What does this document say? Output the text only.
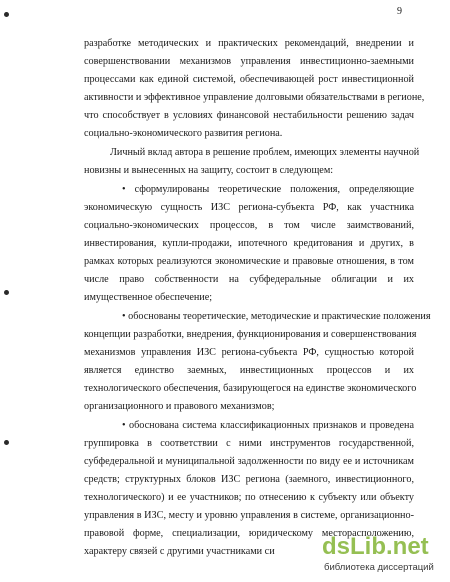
9
разработке методических и практических рекомендаций, внедрении и
совершенствовании механизмов управления инвестиционно-заемными
процессами как единой системой, обеспечивающей рост инвестиционной
активности и эффективное управление долговыми обязательствами в регионе,
что способствует в условиях финансовой нестабильности решению задач
социально-экономического развития региона.
Личный вклад автора в решение проблем, имеющих элементы научной
новизны и вынесенных на защиту, состоит в следующем:
• сформулированы теоретические положения, определяющие
экономическую сущность ИЗС региона-субъекта РФ, как участника
социально-экономических процессов, в том числе заимствований,
инвестирования, купли-продажи, ипотечного кредитования и других, в
рамках которых реализуются экономические и правовые отношения, в том
числе право собственности на субфедеральные облигации и их
имущественное обеспечение;
• обоснованы теоретические, методические и практические положения
концепции разработки, внедрения, функционирования и совершенствования
механизмов управления ИЗС региона-субъекта РФ, сущностью которой
является единство заемных, инвестиционных процессов и их
технологического обеспечения, базирующегося на единстве экономического
организационного и правового механизмов;
• обоснована система классификационных признаков и проведена
группировка в соответствии с ними инструментов государственной,
субфедеральной и муниципальной задолженности по виду ее и источникам
средств; структурных блоков ИЗС региона (заемного, инвестиционного,
технологического) и ее участников; по отнесению к субъекту или объекту
управления в ИЗС, месту и уровню управления в системе, организационно-
правовой форме, специализации, юридическому месторасположению,
характеру связей с другими участниками си	dsLib.net
библиотека диссертаций
